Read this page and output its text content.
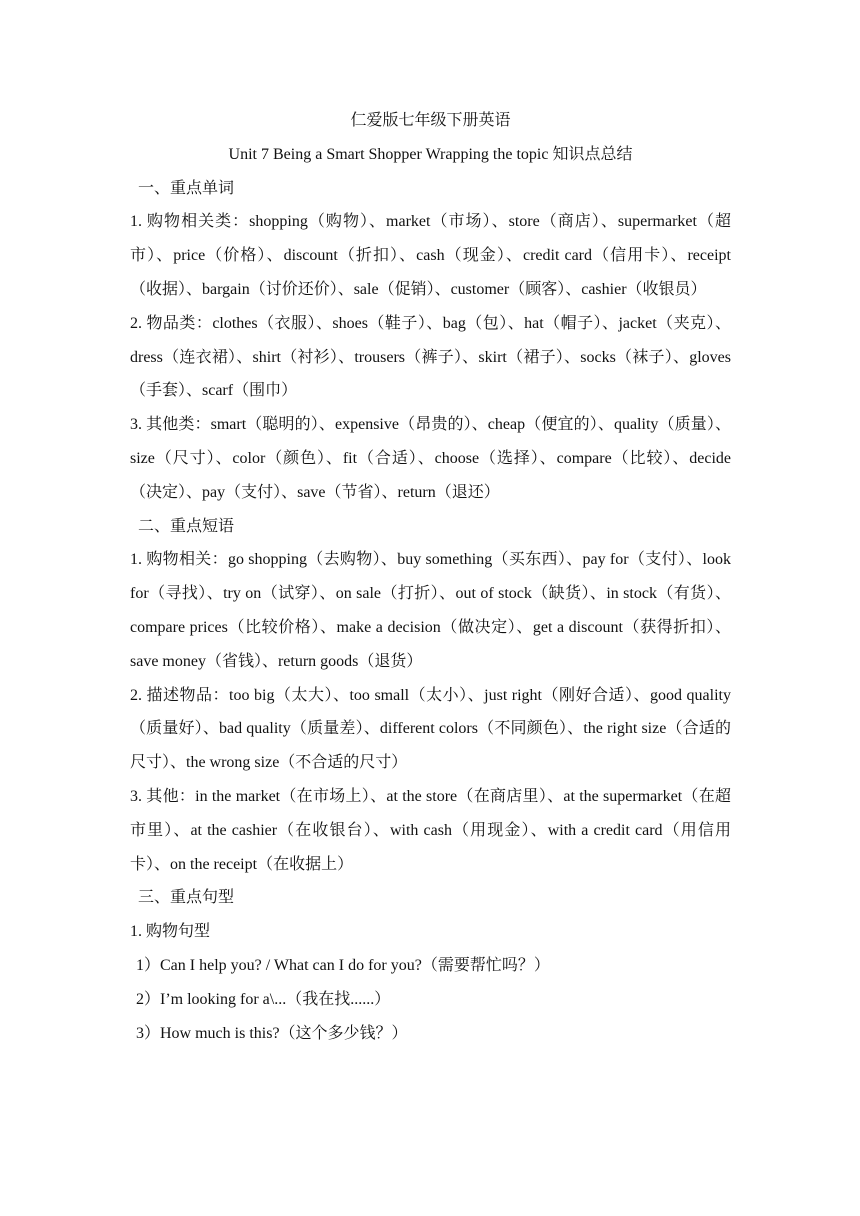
仁爱版七年级下册英语
Unit 7 Being a Smart Shopper Wrapping the topic 知识点总结
一、重点单词
1. 购物相关类：shopping（购物）、market（市场）、store（商店）、supermarket（超市）、price（价格）、discount（折扣）、cash（现金）、credit card（信用卡）、receipt（收据）、bargain（讨价还价）、sale（促销）、customer（顾客）、cashier（收银员）
2. 物品类：clothes（衣服）、shoes（鞋子）、bag（包）、hat（帽子）、jacket（夹克）、dress（连衣裙）、shirt（衬衫）、trousers（裤子）、skirt（裙子）、socks（袜子）、gloves（手套）、scarf（围巾）
3. 其他类：smart（聪明的）、expensive（昂贵的）、cheap（便宜的）、quality（质量）、size（尺寸）、color（颜色）、fit（合适）、choose（选择）、compare（比较）、decide（决定）、pay（支付）、save（节省）、return（退还）
二、重点短语
1. 购物相关：go shopping（去购物）、buy something（买东西）、pay for（支付）、look for（寻找）、try on（试穿）、on sale（打折）、out of stock（缺货）、in stock（有货）、compare prices（比较价格）、make a decision（做决定）、get a discount（获得折扣）、save money（省钱）、return goods（退货）
2. 描述物品：too big（太大）、too small（太小）、just right（刚好合适）、good quality（质量好）、bad quality（质量差）、different colors（不同颜色）、the right size（合适的尺寸）、the wrong size（不合适的尺寸）
3. 其他：in the market（在市场上）、at the store（在商店里）、at the supermarket（在超市里）、at the cashier（在收银台）、with cash（用现金）、with a credit card（用信用卡）、on the receipt（在收据上）
三、重点句型
1. 购物句型
1）Can I help you? / What can I do for you?（需要帮忙吗？）
2）I’m looking for a\...（我在找......）
3）How much is this?（这个多少钱？）
